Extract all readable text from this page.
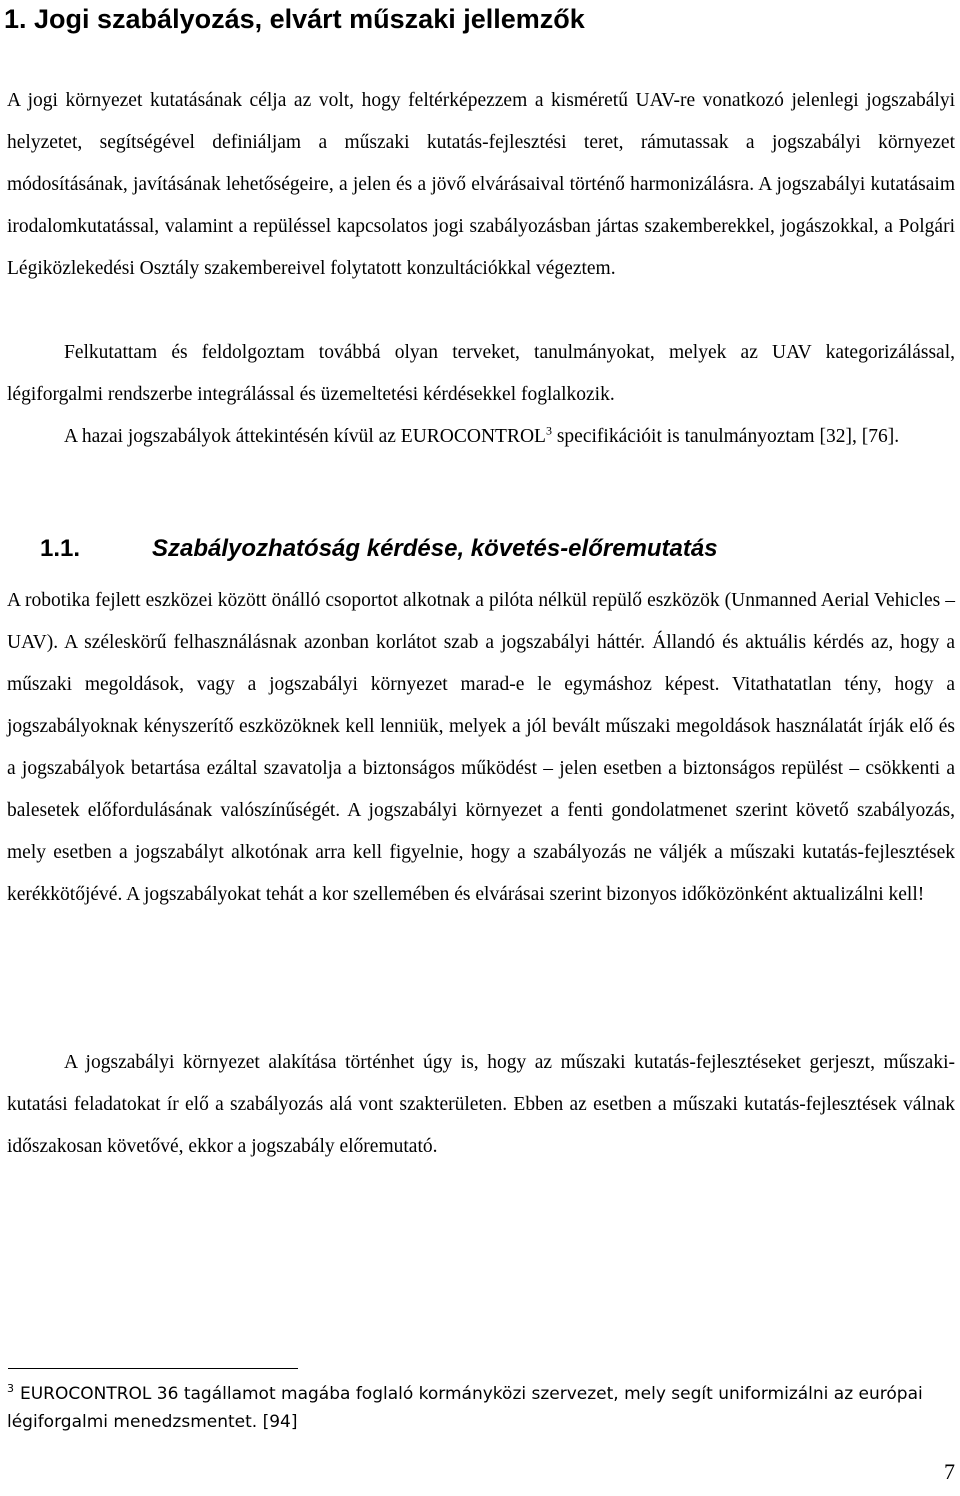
1. Jogi szabályozás, elvárt műszaki jellemzők

A jogi környezet kutatásának célja az volt, hogy feltérképezzem a kisméretű UAV-re vonatkozó jelenlegi jogszabályi helyzetet, segítségével definiáljam a műszaki kutatás-fejlesztési teret, rámutassak a jogszabályi környezet módosításának, javításának lehetőségeire, a jelen és a jövő elvárásaival történő harmonizálásra. A jogszabályi kutatásaim irodalomkutatással, valamint a repüléssel kapcsolatos jogi szabályozásban jártas szakemberekkel, jogászokkal, a Polgári Légiközlekedési Osztály szakembereivel folytatott konzultációkkal végeztem.

Felkutattam és feldolgoztam továbbá olyan terveket, tanulmányokat, melyek az UAV kategorizálással, légiforgalmi rendszerbe integrálással és üzemeltetési kérdésekkel foglalkozik.

A hazai jogszabályok áttekintésén kívül az EUROCONTROL$^3$ specifikációit is tanulmányoztam [32], [76].

1.1.	Szabályozhatóság kérdése, követés-előremutatás

A robotika fejlett eszközei között önálló csoportot alkotnak a pilóta nélkül repülő eszközök (Unmanned Aerial Vehicles – UAV). A széleskörű felhasználásnak azonban korlátot szab a jogszabályi háttér. Állandó és aktuális kérdés az, hogy a műszaki megoldások, vagy a jogszabályi környezet marad-e le egymáshoz képest. Vitathatatlan tény, hogy a jogszabályoknak kényszerítő eszközöknek kell lenniük, melyek a jól bevált műszaki megoldások használatát írják elő és a jogszabályok betartása ezáltal szavatolja a biztonságos működést – jelen esetben a biztonságos repülést – csökkenti a balesetek előfordulásának valószínűségét. A jogszabályi környezet a fenti gondolatmenet szerint követő szabályozás, mely esetben a jogszabályt alkotónak arra kell figyelnie, hogy a szabályozás ne váljék a műszaki kutatás-fejlesztések kerékkötőjévé. A jogszabályokat tehát a kor szellemében és elvárásai szerint bizonyos időközönként aktualizálni kell!

A jogszabályi környezet alakítása történhet úgy is, hogy az műszaki kutatás-fejlesztéseket gerjeszt, műszaki-kutatási feladatokat ír elő a szabályozás alá vont szakterületen. Ebben az esetben a műszaki kutatás-fejlesztések válnak időszakosan követővé, ekkor a jogszabály előremutató.

$^3$ EUROCONTROL 36 tagállamot magába foglaló kormányközi szervezet, mely segít uniformizálni az európai légiforgalmi menedzsmentet. [94]

7
